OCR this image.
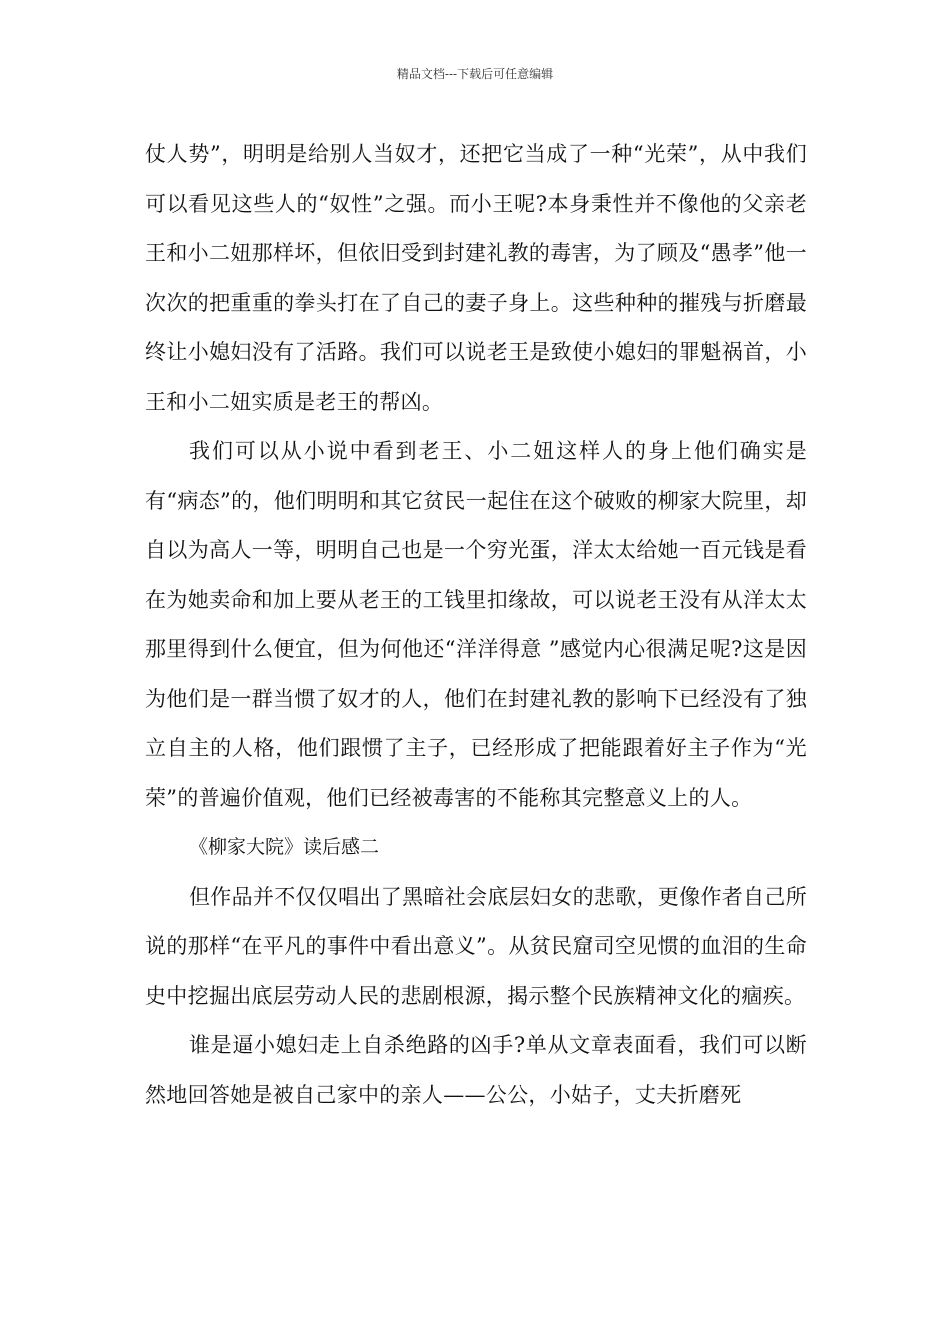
精品文档---下载后可任意编辑

仗人势”，明明是给别人当奴才，还把它当成了一种“光荣”，从中我们可以看见这些人的“奴性”之强。而小王呢?本身秉性并不像他的父亲老王和小二妞那样坏，但依旧受到封建礼教的毒害，为了顾及“愚孝”他一次次的把重重的拳头打在了自己的妻子身上。这些种种的摧残与折磨最终让小媳妇没有了活路。我们可以说老王是致使小媳妇的罪魁祸首，小王和小二妞实质是老王的帮凶。

我们可以从小说中看到老王、小二妞这样人的身上他们确实是有“病态”的，他们明明和其它贫民一起住在这个破败的柳家大院里，却自以为高人一等，明明自己也是一个穷光蛋，洋太太给她一百元钱是看在为她卖命和加上要从老王的工钱里扣缘故，可以说老王没有从洋太太那里得到什么便宜，但为何他还“洋洋得意 ”感觉内心很满足呢?这是因为他们是一群当惯了奴才的人，他们在封建礼教的影响下已经没有了独立自主的人格，他们跟惯了主子，已经形成了把能跟着好主子作为“光荣”的普遍价值观，他们已经被毒害的不能称其完整意义上的人。

《柳家大院》读后感二

但作品并不仅仅唱出了黑暗社会底层妇女的悲歌，更像作者自己所说的那样“在平凡的事件中看出意义”。从贫民窟司空见惯的血泪的生命史中挖掘出底层劳动人民的悲剧根源，揭示整个民族精神文化的痼疾。

谁是逼小媳妇走上自杀绝路的凶手?单从文章表面看，我们可以断然地回答她是被自己家中的亲人——公公，小姑子，丈夫折磨死
